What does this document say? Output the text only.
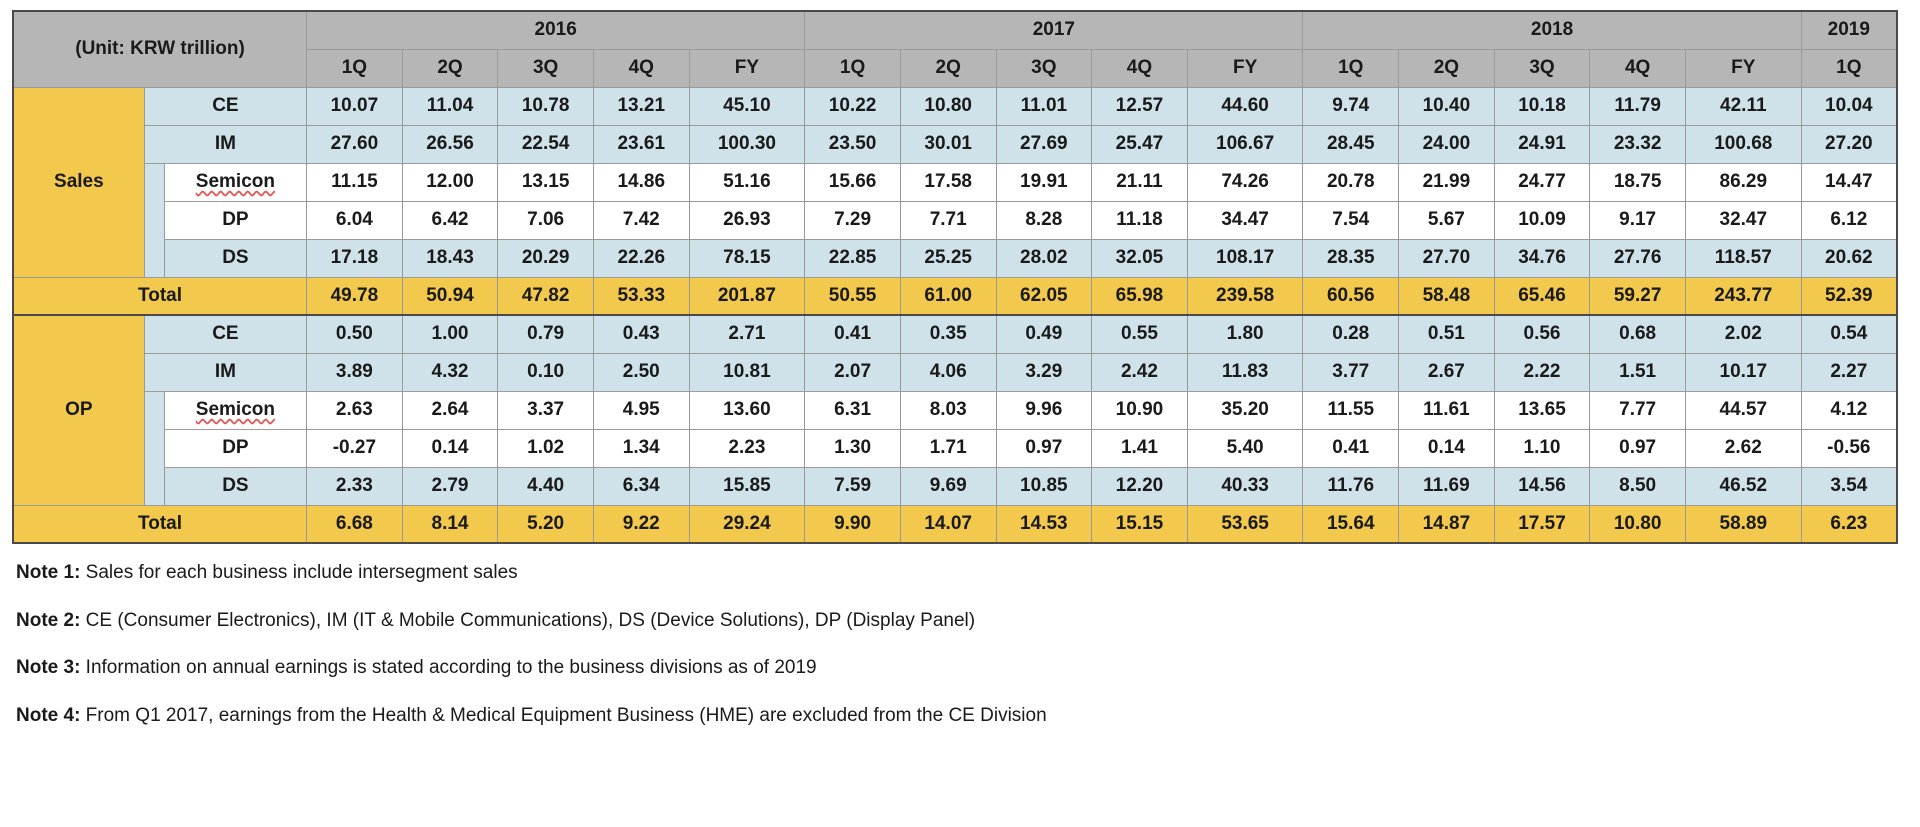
(Unit: KRW trillion)			2016					2017					2018					2019
			1Q	2Q	3Q	4Q	FY	1Q	2Q	3Q	4Q	FY	1Q	2Q	3Q	4Q	FY	1Q
Sales	CE		10.07	11.04	10.78	13.21	45.10	10.22	10.80	11.01	12.57	44.60	9.74	10.40	10.18	11.79	42.11	10.04
	IM		27.60	26.56	22.54	23.61	100.30	23.50	30.01	27.69	25.47	106.67	28.45	24.00	24.91	23.32	100.68	27.20
		Semicon	11.15	12.00	13.15	14.86	51.16	15.66	17.58	19.91	21.11	74.26	20.78	21.99	24.77	18.75	86.29	14.47
		DP	6.04	6.42	7.06	7.42	26.93	7.29	7.71	8.28	11.18	34.47	7.54	5.67	10.09	9.17	32.47	6.12
		DS	17.18	18.43	20.29	22.26	78.15	22.85	25.25	28.02	32.05	108.17	28.35	27.70	34.76	27.76	118.57	20.62
Total			49.78	50.94	47.82	53.33	201.87	50.55	61.00	62.05	65.98	239.58	60.56	58.48	65.46	59.27	243.77	52.39
OP	CE		0.50	1.00	0.79	0.43	2.71	0.41	0.35	0.49	0.55	1.80	0.28	0.51	0.56	0.68	2.02	0.54
	IM		3.89	4.32	0.10	2.50	10.81	2.07	4.06	3.29	2.42	11.83	3.77	2.67	2.22	1.51	10.17	2.27
		Semicon	2.63	2.64	3.37	4.95	13.60	6.31	8.03	9.96	10.90	35.20	11.55	11.61	13.65	7.77	44.57	4.12
		DP	-0.27	0.14	1.02	1.34	2.23	1.30	1.71	0.97	1.41	5.40	0.41	0.14	1.10	0.97	2.62	-0.56
		DS	2.33	2.79	4.40	6.34	15.85	7.59	9.69	10.85	12.20	40.33	11.76	11.69	14.56	8.50	46.52	3.54
Total			6.68	8.14	5.20	9.22	29.24	9.90	14.07	14.53	15.15	53.65	15.64	14.87	17.57	10.80	58.89	6.23
Note 1: Sales for each business include intersegment sales
Note 2: CE (Consumer Electronics), IM (IT & Mobile Communications), DS (Device Solutions), DP (Display Panel)
Note 3: Information on annual earnings is stated according to the business divisions as of 2019
Note 4: From Q1 2017, earnings from the Health & Medical Equipment Business (HME) are excluded from the CE Division
